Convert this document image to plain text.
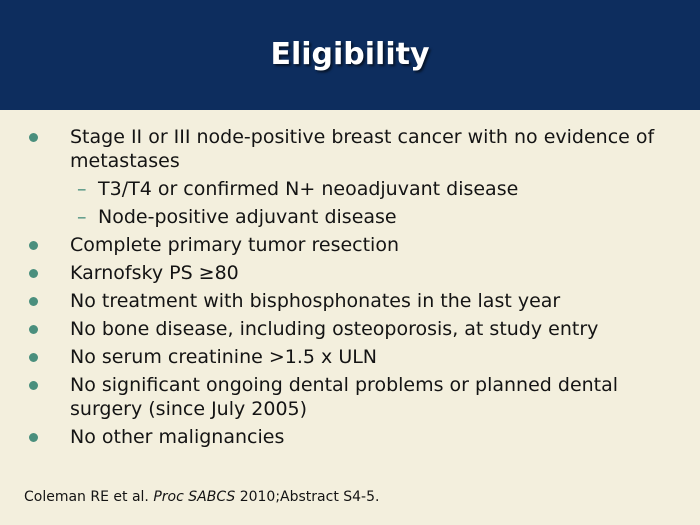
Eligibility
Stage II or III node-positive breast cancer with no evidence of metastases
– T3/T4 or confirmed N+ neoadjuvant disease
– Node-positive adjuvant disease
Complete primary tumor resection
Karnofsky PS ≥80
No treatment with bisphosphonates in the last year
No bone disease, including osteoporosis, at study entry
No serum creatinine >1.5 x ULN
No significant ongoing dental problems or planned dental surgery (since July 2005)
No other malignancies
Coleman RE et al. Proc SABCS 2010;Abstract S4-5.
